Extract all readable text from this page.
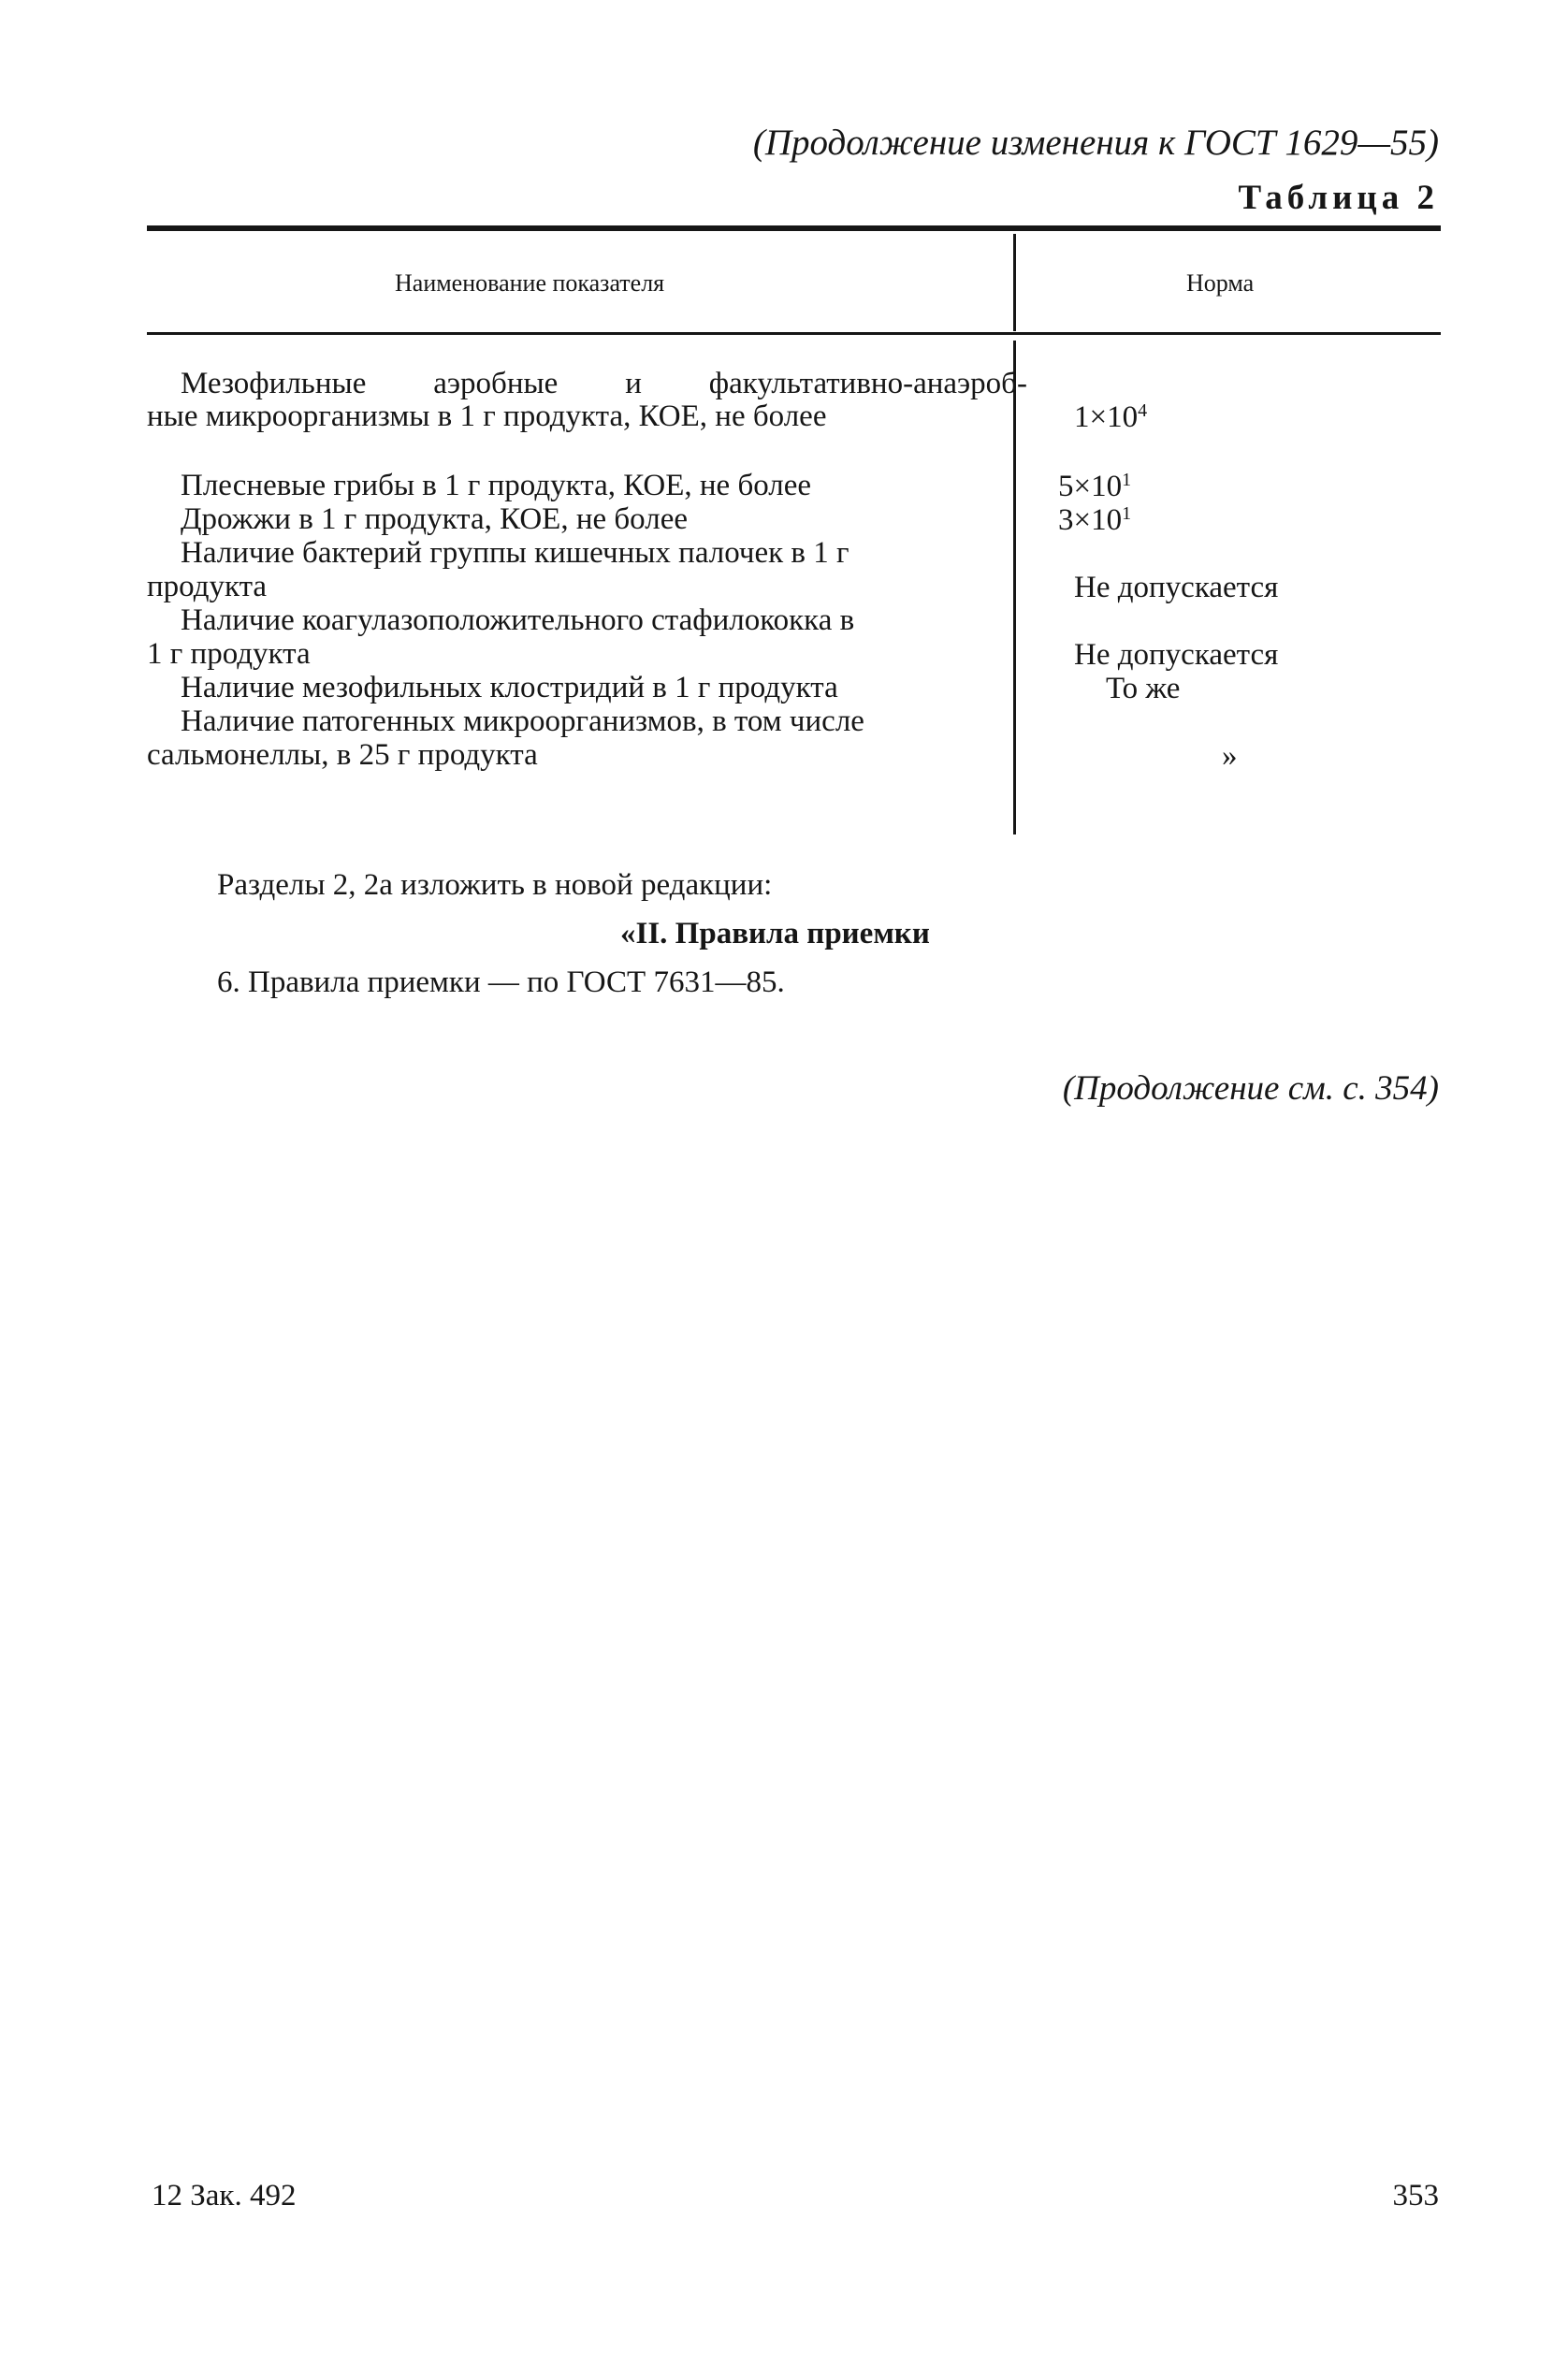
(Продолжение изменения к ГОСТ 1629—55)
Таблица 2
Наименование показателя	Норма
Мезофильные аэробные и факультативно-анаэроб-
ные микроорганизмы в 1 г продукта, КОЕ, не более	$1\times 10^4$
Плесневые грибы в 1 г продукта, КОЕ, не более	$5\times 10^1$
Дрожжи в 1 г продукта, КОЕ, не более	$3\times 10^1$
Наличие бактерий группы кишечных палочек в 1 г
продукта	Не допускается
Наличие коагулазоположительного стафилококка в
1 г продукта	Не допускается
Наличие мезофильных клостридий в 1 г продукта	То же
Наличие патогенных микроорганизмов, в том числе
сальмонеллы, в 25 г продукта	»
Разделы 2, 2а изложить в новой редакции:
«II. Правила приемки
6. Правила приемки — по ГОСТ 7631—85.
(Продолжение см. с. 354)
12 Зак. 492	353
